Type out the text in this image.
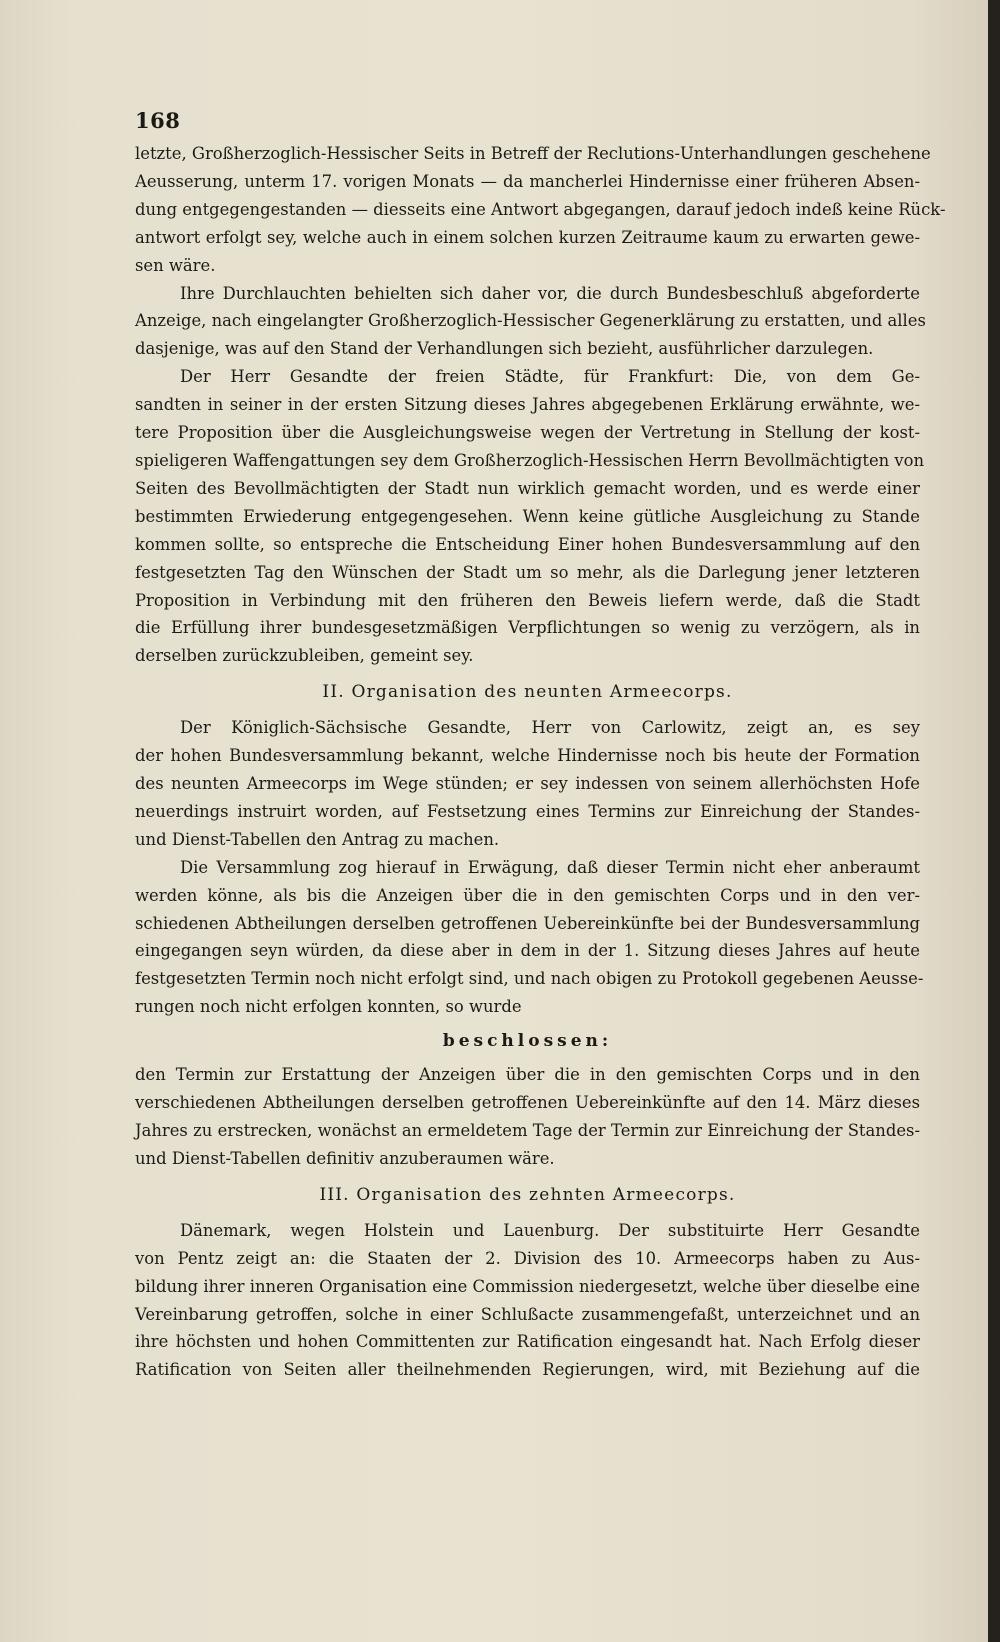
168

letzte, Großherzoglich-Hessischer Seits in Betreff der Reclutions-Unterhandlungen geschehene
Aeusserung, unterm 17. vorigen Monats — da mancherlei Hindernisse einer früheren Absen-
dung entgegengestanden — diesseits eine Antwort abgegangen, darauf jedoch indeß keine Rück-
antwort erfolgt sey, welche auch in einem solchen kurzen Zeitraume kaum zu erwarten gewe-
sen wäre.

Ihre Durchlauchten behielten sich daher vor, die durch Bundesbeschluß abgeforderte
Anzeige, nach eingelangter Großherzoglich-Hessischer Gegenerklärung zu erstatten, und alles
dasjenige, was auf den Stand der Verhandlungen sich bezieht, ausführlicher darzulegen.

Der Herr Gesandte der freien Städte, für Frankfurt: Die, von dem Ge-
sandten in seiner in der ersten Sitzung dieses Jahres abgegebenen Erklärung erwähnte, we-
tere Proposition über die Ausgleichungsweise wegen der Vertretung in Stellung der kost-
spieligeren Waffengattungen sey dem Großherzoglich-Hessischen Herrn Bevollmächtigten von
Seiten des Bevollmächtigten der Stadt nun wirklich gemacht worden, und es werde einer
bestimmten Erwiederung entgegengesehen. Wenn keine gütliche Ausgleichung zu Stande
kommen sollte, so entspreche die Entscheidung Einer hohen Bundesversammlung auf den
festgesetzten Tag den Wünschen der Stadt um so mehr, als die Darlegung jener letzteren
Proposition in Verbindung mit den früheren den Beweis liefern werde, daß die Stadt
die Erfüllung ihrer bundesgesetzmäßigen Verpflichtungen so wenig zu verzögern, als in
derselben zurückzubleiben, gemeint sey.

II. Organisation des neunten Armeecorps.

Der Königlich-Sächsische Gesandte, Herr von Carlowitz, zeigt an, es sey
der hohen Bundesversammlung bekannt, welche Hindernisse noch bis heute der Formation
des neunten Armeecorps im Wege stünden; er sey indessen von seinem allerhöchsten Hofe
neuerdings instruirt worden, auf Festsetzung eines Termins zur Einreichung der Standes-
und Dienst-Tabellen den Antrag zu machen.

Die Versammlung zog hierauf in Erwägung, daß dieser Termin nicht eher anberaumt
werden könne, als bis die Anzeigen über die in den gemischten Corps und in den ver-
schiedenen Abtheilungen derselben getroffenen Uebereinkünfte bei der Bundesversammlung
eingegangen seyn würden, da diese aber in dem in der 1. Sitzung dieses Jahres auf heute
festgesetzten Termin noch nicht erfolgt sind, und nach obigen zu Protokoll gegebenen Aeusse-
rungen noch nicht erfolgen konnten, so wurde

beschlossen:

den Termin zur Erstattung der Anzeigen über die in den gemischten Corps und in den
verschiedenen Abtheilungen derselben getroffenen Uebereinkünfte auf den 14. März dieses
Jahres zu erstrecken, wonächst an ermeldetem Tage der Termin zur Einreichung der Standes-
und Dienst-Tabellen definitiv anzuberaumen wäre.

III. Organisation des zehnten Armeecorps.

Dänemark, wegen Holstein und Lauenburg. Der substituirte Herr Gesandte
von Pentz zeigt an: die Staaten der 2. Division des 10. Armeecorps haben zu Aus-
bildung ihrer inneren Organisation eine Commission niedergesetzt, welche über dieselbe eine
Vereinbarung getroffen, solche in einer Schlußacte zusammengefaßt, unterzeichnet und an
ihre höchsten und hohen Committenten zur Ratification eingesandt hat. Nach Erfolg dieser
Ratification von Seiten aller theilnehmenden Regierungen, wird, mit Beziehung auf die
